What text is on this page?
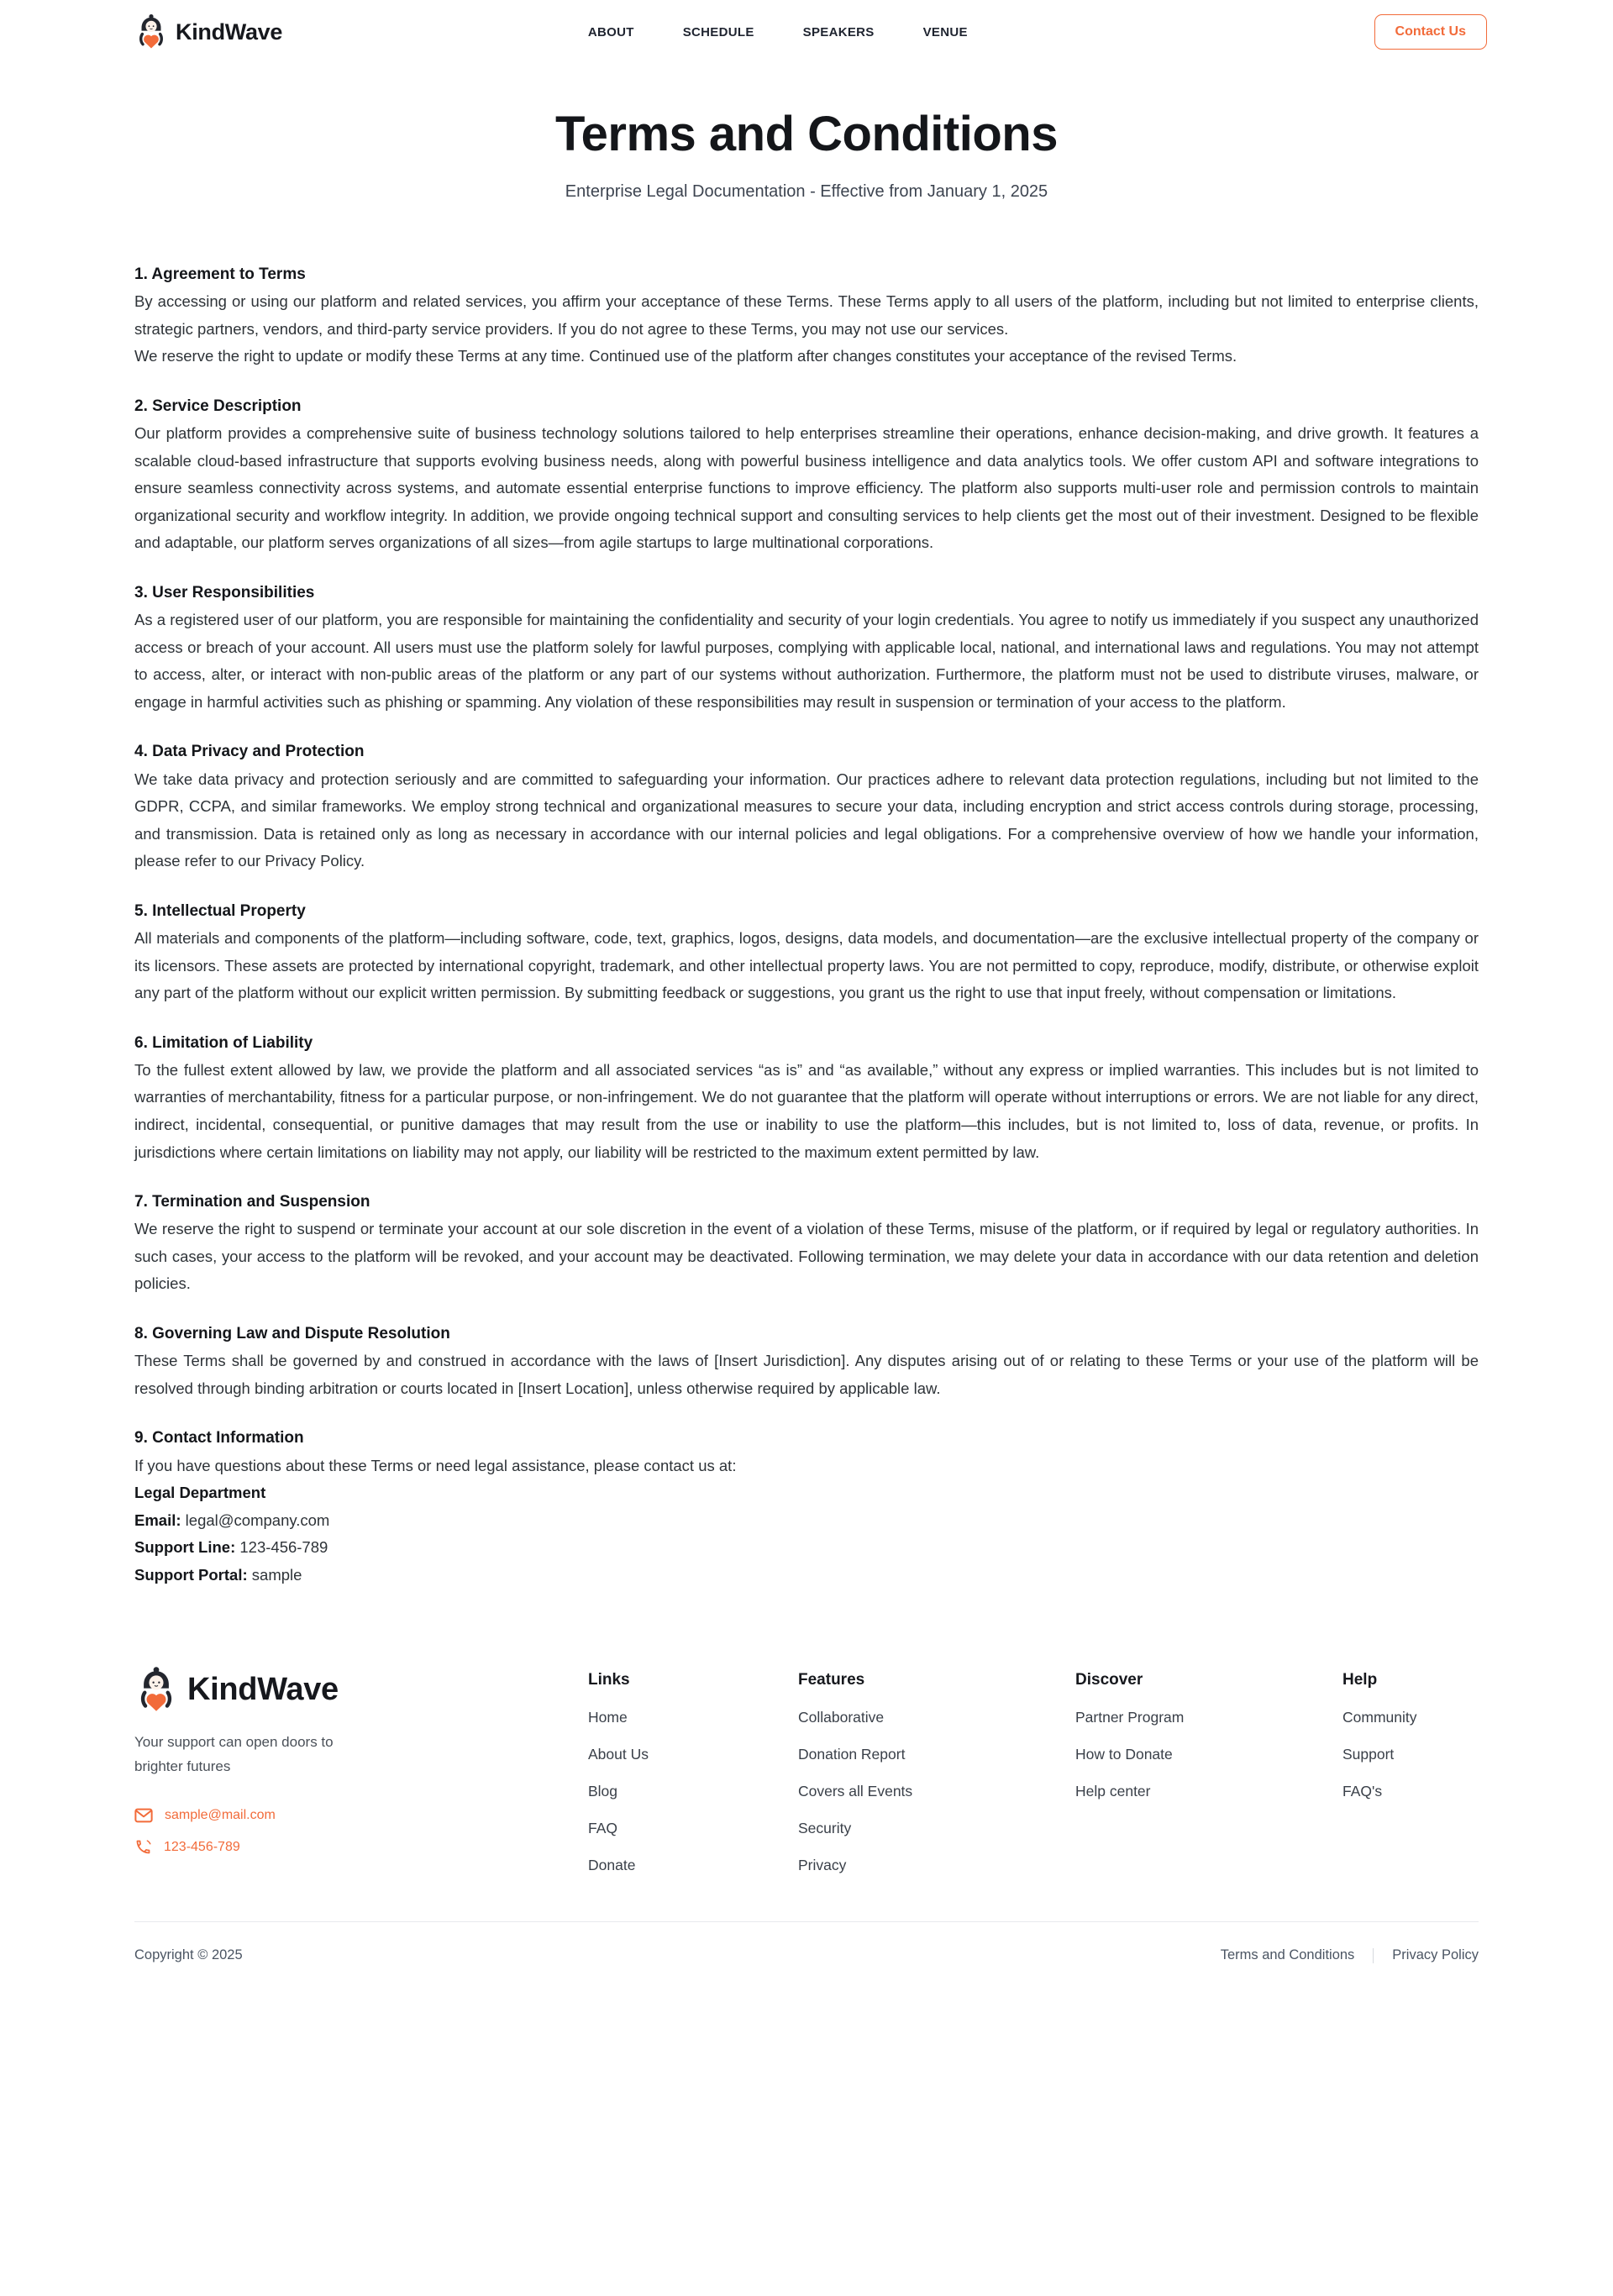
KindWave	ABOUT	SCHEDULE	SPEAKERS	VENUE	Contact Us
Terms and Conditions
Enterprise Legal Documentation - Effective from January 1, 2025
1. Agreement to Terms

By accessing or using our platform and related services, you affirm your acceptance of these Terms. These Terms apply to all users of the platform, including but not limited to enterprise clients, strategic partners, vendors, and third-party service providers. If you do not agree to these Terms, you may not use our services.

We reserve the right to update or modify these Terms at any time. Continued use of the platform after changes constitutes your acceptance of the revised Terms.

2. Service Description

Our platform provides a comprehensive suite of business technology solutions tailored to help enterprises streamline their operations, enhance decision-making, and drive growth. It features a scalable cloud-based infrastructure that supports evolving business needs, along with powerful business intelligence and data analytics tools. We offer custom API and software integrations to ensure seamless connectivity across systems, and automate essential enterprise functions to improve efficiency. The platform also supports multi-user role and permission controls to maintain organizational security and workflow integrity. In addition, we provide ongoing technical support and consulting services to help clients get the most out of their investment. Designed to be flexible and adaptable, our platform serves organizations of all sizes—from agile startups to large multinational corporations.

3. User Responsibilities

As a registered user of our platform, you are responsible for maintaining the confidentiality and security of your login credentials. You agree to notify us immediately if you suspect any unauthorized access or breach of your account. All users must use the platform solely for lawful purposes, complying with applicable local, national, and international laws and regulations. You may not attempt to access, alter, or interact with non-public areas of the platform or any part of our systems without authorization. Furthermore, the platform must not be used to distribute viruses, malware, or engage in harmful activities such as phishing or spamming. Any violation of these responsibilities may result in suspension or termination of your access to the platform.

4. Data Privacy and Protection

We take data privacy and protection seriously and are committed to safeguarding your information. Our practices adhere to relevant data protection regulations, including but not limited to the GDPR, CCPA, and similar frameworks. We employ strong technical and organizational measures to secure your data, including encryption and strict access controls during storage, processing, and transmission. Data is retained only as long as necessary in accordance with our internal policies and legal obligations. For a comprehensive overview of how we handle your information, please refer to our Privacy Policy.

5. Intellectual Property

All materials and components of the platform—including software, code, text, graphics, logos, designs, data models, and documentation—are the exclusive intellectual property of the company or its licensors. These assets are protected by international copyright, trademark, and other intellectual property laws. You are not permitted to copy, reproduce, modify, distribute, or otherwise exploit any part of the platform without our explicit written permission. By submitting feedback or suggestions, you grant us the right to use that input freely, without compensation or limitations.

6. Limitation of Liability

To the fullest extent allowed by law, we provide the platform and all associated services “as is” and “as available,” without any express or implied warranties. This includes but is not limited to warranties of merchantability, fitness for a particular purpose, or non-infringement. We do not guarantee that the platform will operate without interruptions or errors. We are not liable for any direct, indirect, incidental, consequential, or punitive damages that may result from the use or inability to use the platform—this includes, but is not limited to, loss of data, revenue, or profits. In jurisdictions where certain limitations on liability may not apply, our liability will be restricted to the maximum extent permitted by law.

7. Termination and Suspension

We reserve the right to suspend or terminate your account at our sole discretion in the event of a violation of these Terms, misuse of the platform, or if required by legal or regulatory authorities. In such cases, your access to the platform will be revoked, and your account may be deactivated. Following termination, we may delete your data in accordance with our data retention and deletion policies.

8. Governing Law and Dispute Resolution

These Terms shall be governed by and construed in accordance with the laws of [Insert Jurisdiction]. Any disputes arising out of or relating to these Terms or your use of the platform will be resolved through binding arbitration or courts located in [Insert Location], unless otherwise required by applicable law.

9. Contact Information

If you have questions about these Terms or need legal assistance, please contact us at:

Legal Department
Email: legal@company.com
Support Line: 123-456-789
Support Portal: sample
KindWave
Your support can open doors to brighter futures
sample@mail.com
123-456-789
Links
Home
About Us
Blog
FAQ
Donate
Features
Collaborative
Donation Report
Covers all Events
Security
Privacy
Discover
Partner Program
How to Donate
Help center
Help
Community
Support
FAQ's
Copyright © 2025	Terms and Conditions	Privacy Policy
